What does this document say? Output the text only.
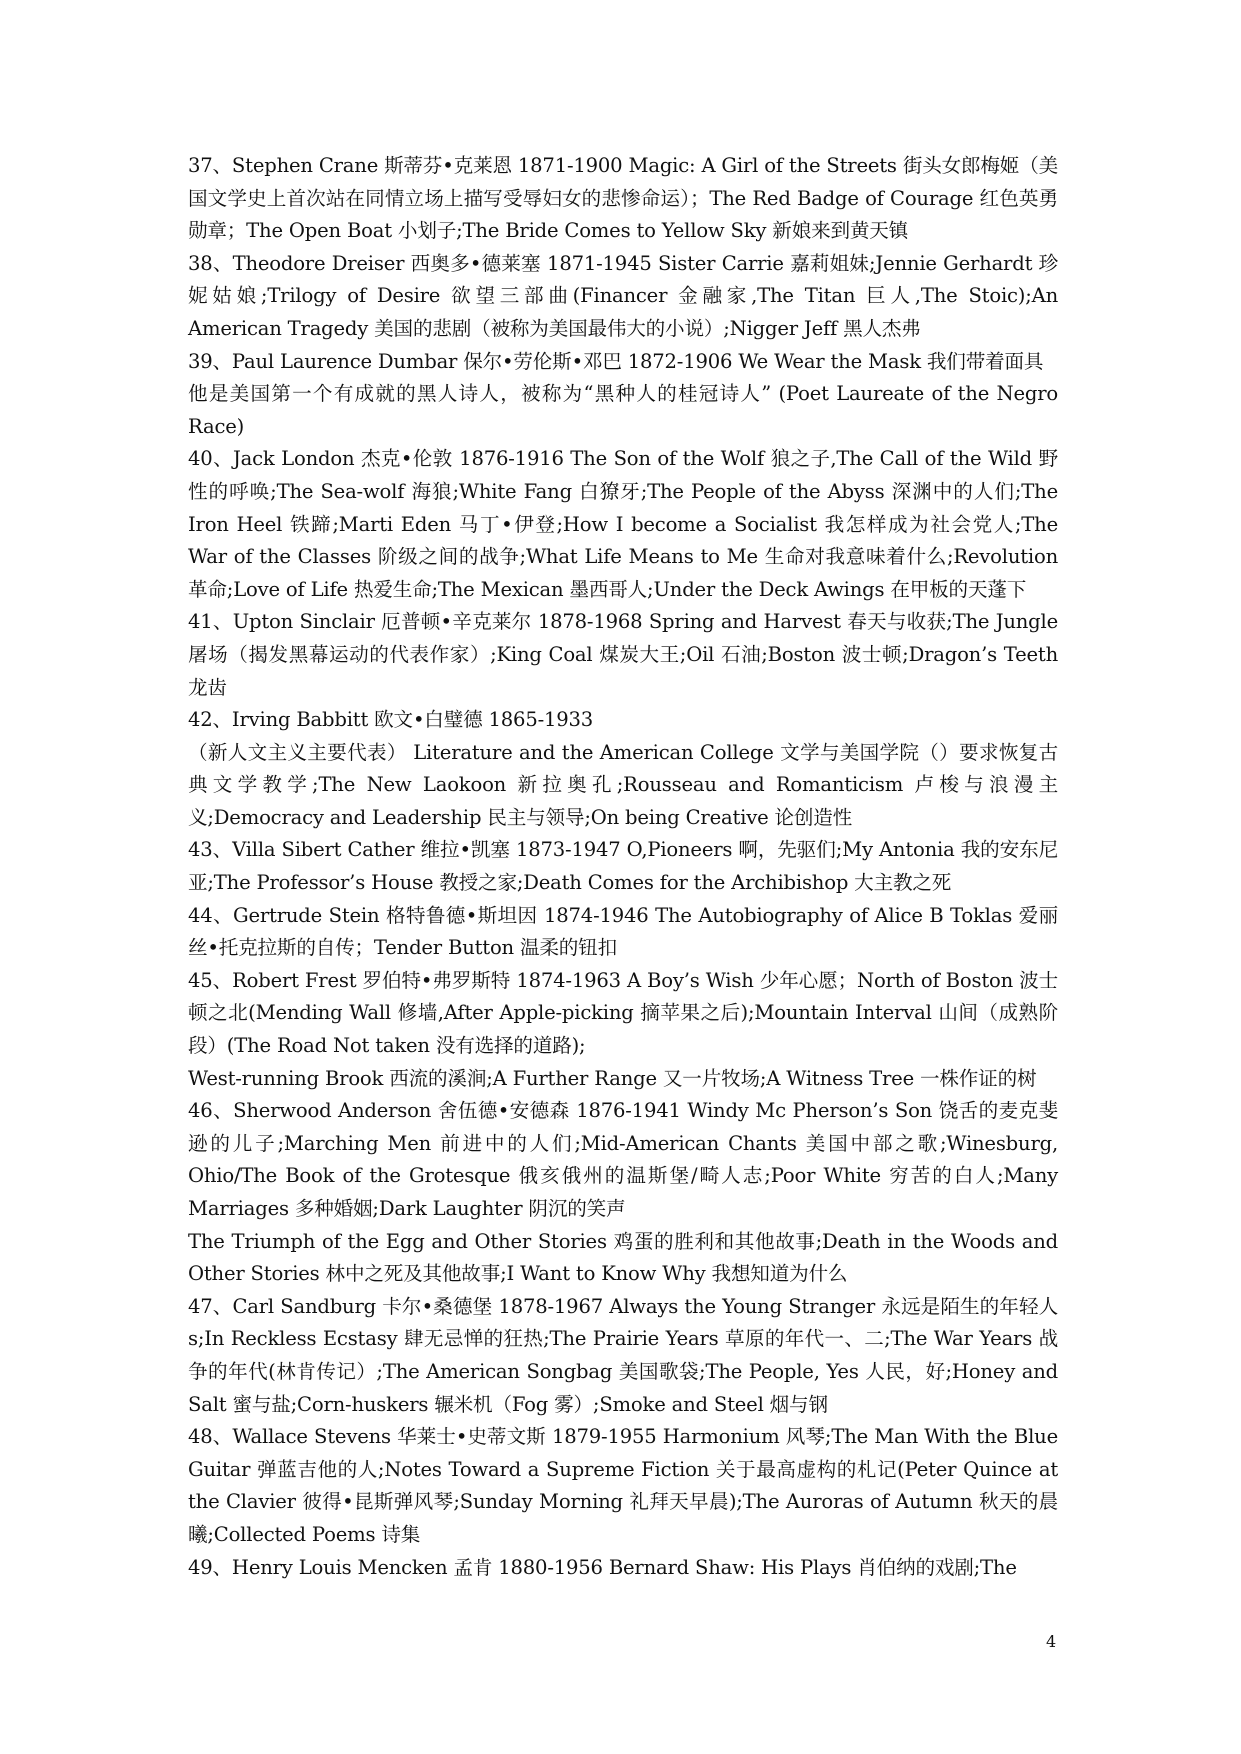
37、Stephen Crane 斯蒂芬•克莱恩 1871-1900 Magic: A Girl of the Streets 街头女郎梅姬（美国文学史上首次站在同情立场上描写受辱妇女的悲惨命运）；The Red Badge of Courage 红色英勇勋章；The Open Boat 小划子;The Bride Comes to Yellow Sky 新娘来到黄天镇

38、Theodore Dreiser 西奥多•德莱塞 1871-1945 Sister Carrie 嘉莉姐妹;Jennie Gerhardt 珍妮姑娘;Trilogy of Desire 欲望三部曲(Financer 金融家,The Titan 巨人,The Stoic);An American Tragedy 美国的悲剧（被称为美国最伟大的小说）;Nigger Jeff 黑人杰弗

39、Paul Laurence Dumbar 保尔•劳伦斯•邓巴 1872-1906 We Wear the Mask 我们带着面具

他是美国第一个有成就的黑人诗人，被称为“黑种人的桂冠诗人” (Poet Laureate of the Negro Race)

40、Jack London 杰克•伦敦 1876-1916 The Son of the Wolf 狼之子,The Call of the Wild 野性的呼唤;The Sea-wolf 海狼;White Fang 白獠牙;The People of the Abyss 深渊中的人们;The Iron Heel 铁蹄;Marti Eden 马丁•伊登;How I become a Socialist 我怎样成为社会党人;The War of the Classes 阶级之间的战争;What Life Means to Me 生命对我意味着什么;Revolution 革命;Love of Life 热爱生命;The Mexican 墨西哥人;Under the Deck Awings 在甲板的天蓬下

41、Upton Sinclair 厄普顿•辛克莱尔 1878-1968 Spring and Harvest 春天与收获;The Jungle 屠场（揭发黑幕运动的代表作家）;King Coal 煤炭大王;Oil 石油;Boston 波士顿;Dragon’s Teeth 龙齿

42、Irving Babbitt 欧文•白璧德 1865-1933

（新人文主义主要代表） Literature and the American College 文学与美国学院（）要求恢复古典文学教学;The New Laokoon 新拉奥孔;Rousseau and Romanticism 卢梭与浪漫主义;Democracy and Leadership 民主与领导;On being Creative 论创造性

43、Villa Sibert Cather 维拉•凯塞 1873-1947 O,Pioneers 啊，先驱们;My Antonia 我的安东尼亚;The Professor’s House 教授之家;Death Comes for the Archibishop 大主教之死

44、Gertrude Stein 格特鲁德•斯坦因 1874-1946 The Autobiography of Alice B Toklas 爱丽丝•托克拉斯的自传；Tender Button 温柔的钮扣

45、Robert Frest 罗伯特•弗罗斯特 1874-1963 A Boy’s Wish 少年心愿；North of Boston 波士顿之北(Mending Wall 修墙,After Apple-picking 摘苹果之后);Mountain Interval 山间（成熟阶段）(The Road Not taken 没有选择的道路);

West-running Brook 西流的溪涧;A Further Range 又一片牧场;A Witness Tree 一株作证的树

46、Sherwood Anderson 舍伍德•安德森 1876-1941 Windy Mc Pherson’s Son 饶舌的麦克斐逊的儿子;Marching Men 前进中的人们;Mid-American Chants 美国中部之歌;Winesburg, Ohio/The Book of the Grotesque 俄亥俄州的温斯堡/畸人志;Poor White 穷苦的白人;Many Marriages 多种婚姻;Dark Laughter 阴沉的笑声

The Triumph of the Egg and Other Stories 鸡蛋的胜利和其他故事;Death in the Woods and Other Stories 林中之死及其他故事;I Want to Know Why 我想知道为什么

47、Carl Sandburg 卡尔•桑德堡 1878-1967 Always the Young Stranger 永远是陌生的年轻人 s;In Reckless Ecstasy 肆无忌惮的狂热;The Prairie Years 草原的年代一、二;The War Years 战争的年代(林肯传记）;The American Songbag 美国歌袋;The People, Yes 人民，好;Honey and Salt 蜜与盐;Corn-huskers 辗米机（Fog 雾）;Smoke and Steel 烟与钢

48、Wallace Stevens 华莱士•史蒂文斯 1879-1955 Harmonium 风琴;The Man With the Blue Guitar 弹蓝吉他的人;Notes Toward a Supreme Fiction 关于最高虚构的札记(Peter Quince at the Clavier 彼得•昆斯弹风琴;Sunday Morning 礼拜天早晨);The Auroras of Autumn 秋天的晨曦;Collected Poems 诗集

49、Henry Louis Mencken 孟肯 1880-1956 Bernard Shaw: His Plays 肖伯纳的戏剧;The

4
